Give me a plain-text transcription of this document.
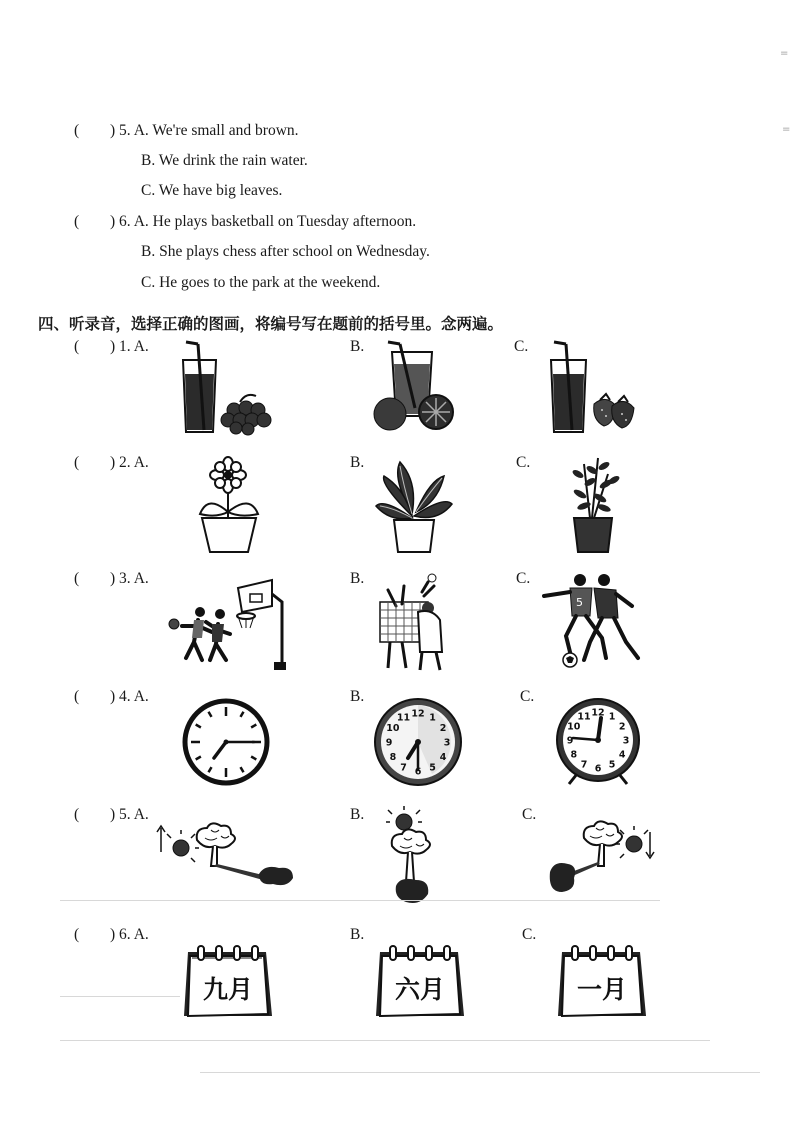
( ) 5. A. We're small and brown.
B. We drink the rain water.
C. We have big leaves.
( ) 6. A. He plays basketball on Tuesday afternoon.
B. She plays chess after school on Wednesday.
C. He goes to the park at the weekend.
四、听录音，选择正确的图画，将编号写在题前的括号里。念两遍。
( ) 1. A.	B.	C.
( ) 2. A.	B.	C.
( ) 3. A.	B.	C.
5
( ) 4. A.	B.	C.
12 1
2
3
4
5
6
7
8
9
10
11	12 1
2
3
4
5
6
7
8
9
10
11
( ) 5. A.	B.	C.
( ) 6. A.	B.	C.
九月	六月	一月
=
=
